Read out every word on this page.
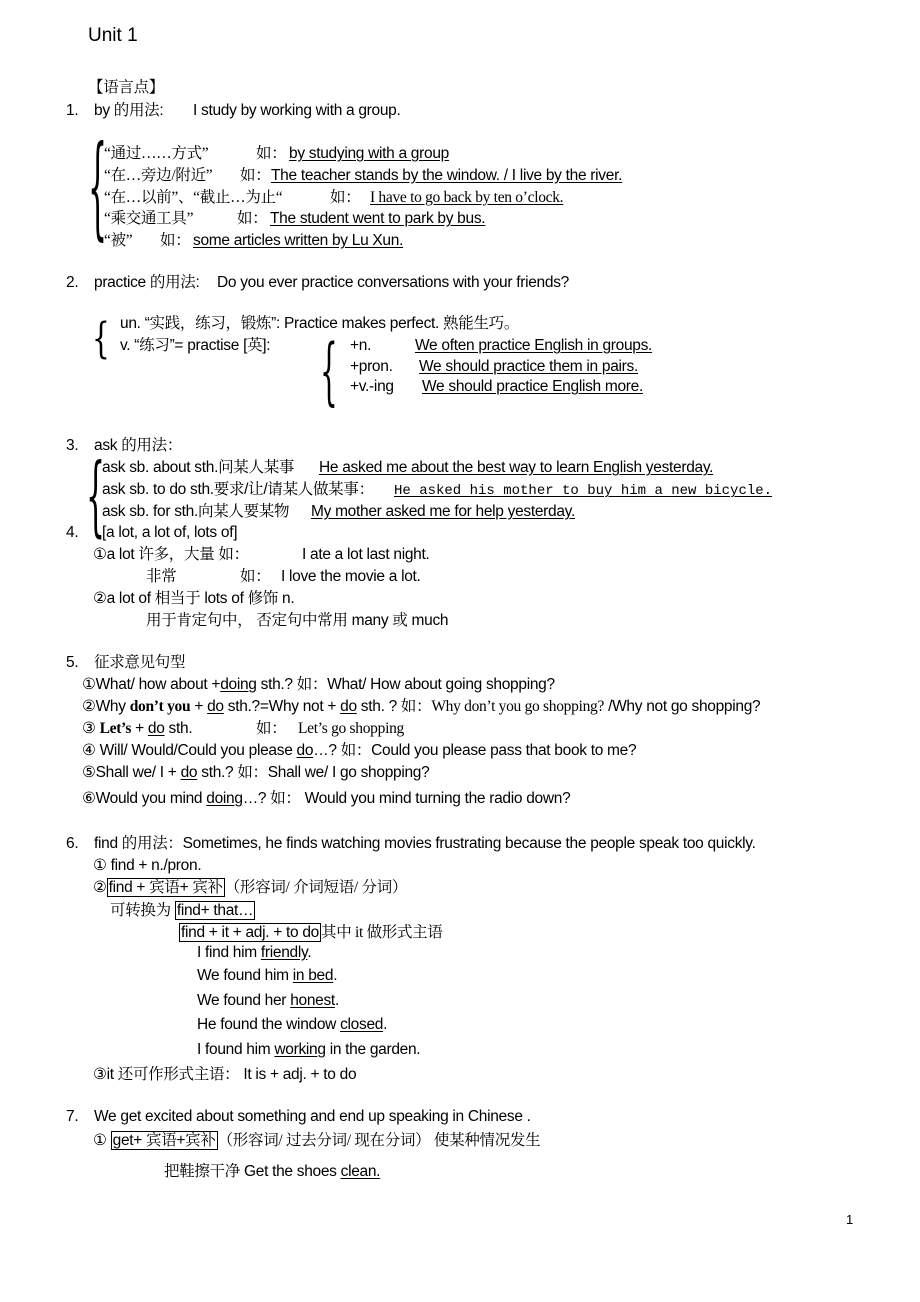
Unit 1
【语言点】
1. by 的用法: I study by working with a group.
{
“通过……方式”	如： by studying with a group
“在…旁边/附近” 如： The teacher stands by the window. / I live by the river.
“在…以前”、“截止…为止“	如： I have to go back by ten o’clock.
“乘交通工具”	如： The student went to park by bus.
“被” 如： some articles written by Lu Xun.
2. practice 的用法: Do you ever practice conversations with your friends?
{ un. “实践，练习，锻炼”: Practice makes perfect. 熟能生巧。
v. “练习”= practise [英]: { +n.	We often practice English in groups.
+pron. We should practice them in pairs.
+v.-ing We should practice English more.
3. ask 的用法：
{
ask sb. about sth.问某人某事 He asked me about the best way to learn English yesterday.
ask sb. to do sth.要求/让/请某人做某事： He asked his mother to buy him a new bicycle.
ask sb. for sth.向某人要某物 My mother asked me for help yesterday.
4. [a lot, a lot of, lots of]
①a lot 许多，大量 如：	I ate a lot last night.
非常	如： I love the movie a lot.
②a lot of 相当于 lots of 修饰 n.
用于肯定句中， 否定句中常用 many 或 much
5. 征求意见句型
①What/ how about +doing sth.? 如：What/ How about going shopping?
②Why don’t you + do sth.?=Why not + do sth. ? 如：Why don’t you go shopping? /Why not go shopping?
③ Let’s + do sth.	如： Let’s go shopping
④ Will/ Would/Could you please do…? 如：Could you please pass that book to me?
⑤Shall we/ I + do sth.? 如：Shall we/ I go shopping?
⑥Would you mind doing…? 如： Would you mind turning the radio down?
6. find 的用法：Sometimes, he finds watching movies frustrating because the people speak too quickly.
① find + n./pron.
② find + 宾语+ 宾补 （形容词/ 介词短语/ 分词）
可转换为 find+ that…
find + it + adj. + to do 其中 it 做形式主语
I find him friendly.
We found him in bed.
We found her honest.
He found the window closed.
I found him working in the garden.
③it 还可作形式主语： It is + adj. + to do
7. We get excited about something and end up speaking in Chinese .
① get+ 宾语+宾补 （形容词/ 过去分词/ 现在分词） 使某种情况发生
把鞋擦干净 Get the shoes clean.
1
